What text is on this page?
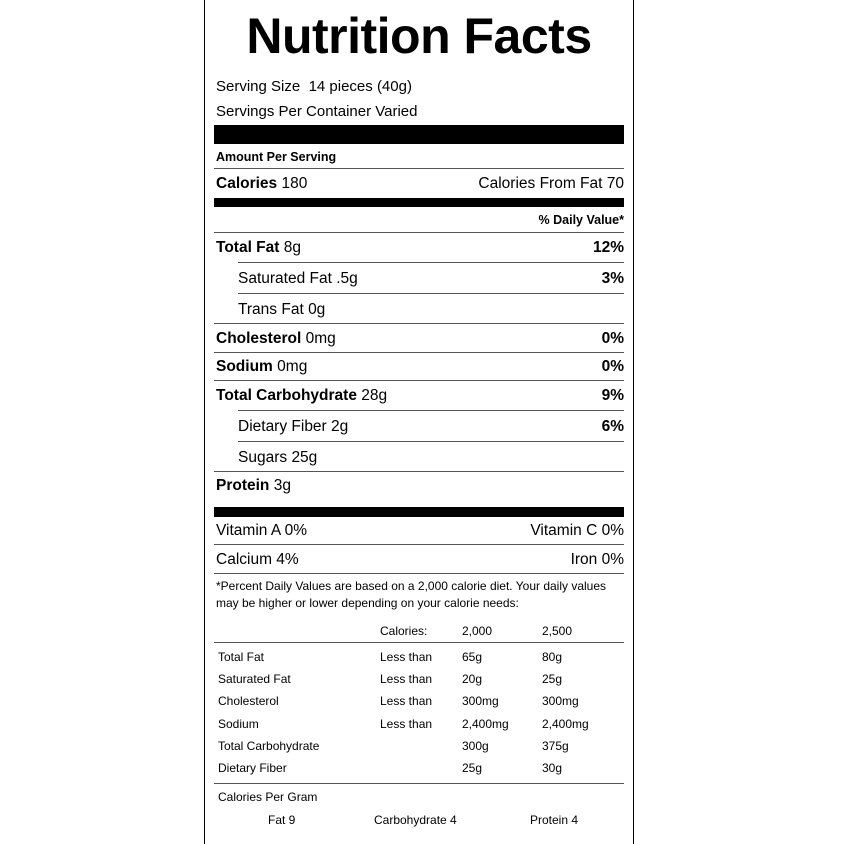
Nutrition Facts
Serving Size 14 pieces (40g)
Servings Per Container Varied
Amount Per Serving
Calories 180	Calories From Fat 70
% Daily Value*
Total Fat 8g	12%
Saturated Fat .5g	3%
Trans Fat 0g
Cholesterol 0mg	0%
Sodium 0mg	0%
Total Carbohydrate 28g	9%
Dietary Fiber 2g	6%
Sugars 25g
Protein 3g
Vitamin A 0%	Vitamin C 0%
Calcium 4%	Iron 0%
*Percent Daily Values are based on a 2,000 calorie diet. Your daily values may be higher or lower depending on your calorie needs:
Calories:	2,000	2,500
Total Fat	Less than 65g	80g
Saturated Fat	Less than 20g	25g
Cholesterol	Less than 300mg	300mg
Sodium	Less than 2,400mg	2,400mg
Total Carbohydrate	300g	375g
Dietary Fiber	25g	30g
Calories Per Gram
Fat 9	Carbohydrate 4	Protein 4
